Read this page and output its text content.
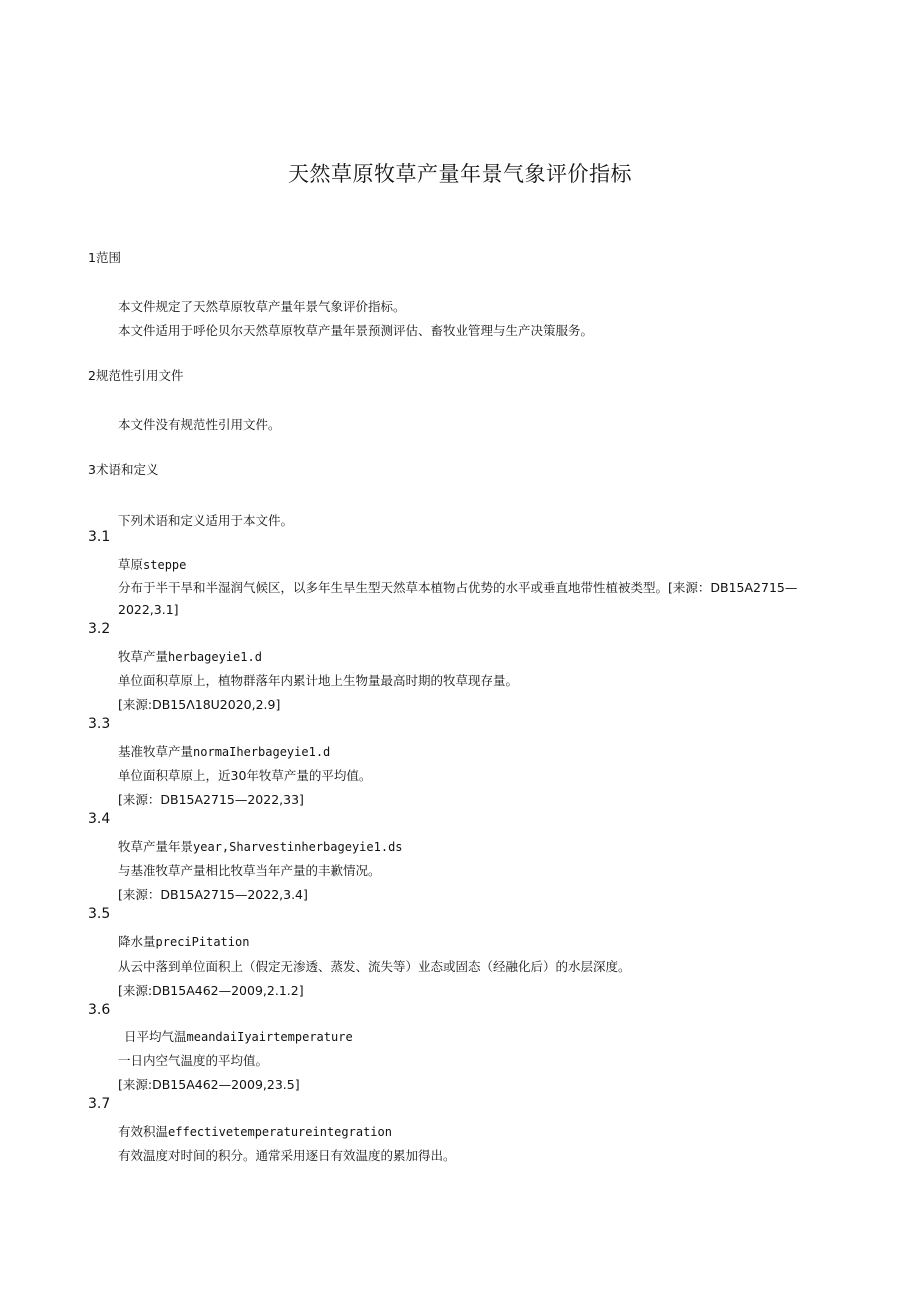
天然草原牧草产量年景气象评价指标
1范围
本文件规定了天然草原牧草产量年景气象评价指标。
本文件适用于呼伦贝尔天然草原牧草产量年景预测评估、畜牧业管理与生产决策服务。
2规范性引用文件
本文件没有规范性引用文件。
3术语和定义
下列术语和定义适用于本文件。
3.1
草原steppe
分布于半干旱和半湿润气候区，以多年生旱生型天然草本植物占优势的水平或垂直地带性植被类型。[来源：DB15A2715—2022,3.1]
3.2
牧草产量herbageyie1.d
单位面积草原上，植物群落年内累计地上生物量最高时期的牧草现存量。
[来源:DB15Λ18U2020,2.9]
3.3
基准牧草产量normaIherbageyie1.d
单位面积草原上，近30年牧草产量的平均值。
[来源：DB15A2715—2022,33]
3.4
牧草产量年景year,Sharvestinherbageyie1.ds
与基准牧草产量相比牧草当年产量的丰歉情况。
[来源：DB15A2715—2022,3.4]
3.5
降水量preciPitation
从云中落到单位面积上（假定无渗透、蒸发、流失等）业态或固态（经融化后）的水层深度。
[来源:DB15A462—2009,2.1.2]
3.6
日平均气温meandaiIyairtemperature
一日内空气温度的平均值。
[来源:DB15A462—2009,23.5]
3.7
有效积温effectivetemperatureintegration
有效温度对时间的积分。通常采用逐日有效温度的累加得出。
